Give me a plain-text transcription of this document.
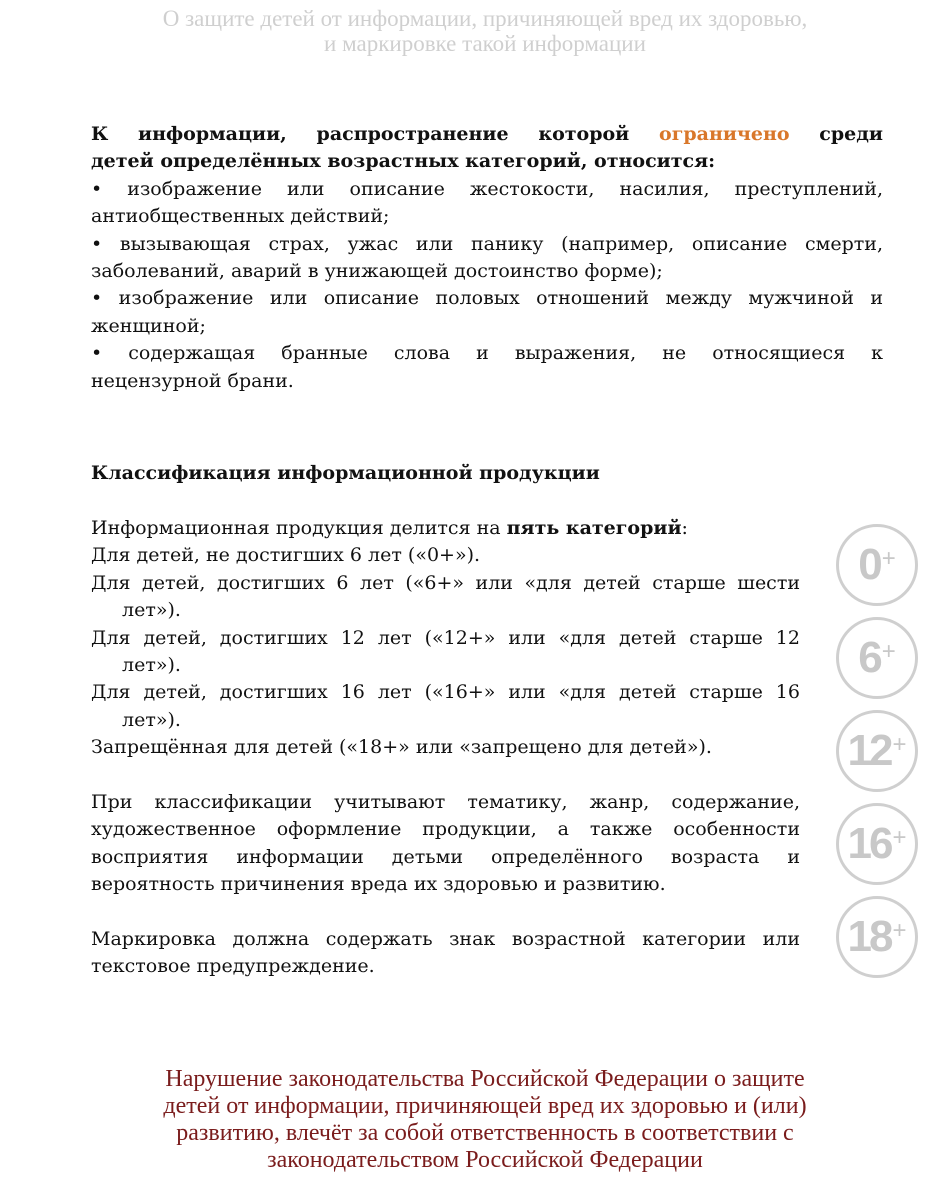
О защите детей от информации, причиняющей вред их здоровью,
и маркировке такой информации
К информации, распространение которой ограничено среди
детей определённых возрастных категорий, относится:
• изображение или описание жестокости, насилия, преступлений,
антиобщественных действий;
• вызывающая страх, ужас или панику (например, описание смерти,
заболеваний, аварий в унижающей достоинство форме);
• изображение или описание половых отношений между мужчиной и
женщиной;
• содержащая бранные слова и выражения, не относящиеся к
нецензурной брани.
Классификация информационной продукции
Информационная продукция делится на пять категорий:
Для детей, не достигших 6 лет («0+»).
Для детей, достигших 6 лет («6+» или «для детей старше шести
лет»).
Для детей, достигших 12 лет («12+» или «для детей старше 12
лет»).
Для детей, достигших 16 лет («16+» или «для детей старше 16
лет»).
Запрещённая для детей («18+» или «запрещено для детей»).
При классификации учитывают тематику, жанр, содержание,
художественное оформление продукции, а также особенности
восприятия информации детьми определённого возраста и
вероятность причинения вреда их здоровью и развитию.
Маркировка должна содержать знак возрастной категории или
текстовое предупреждение.
0 +
6 +
12 +
16 +
18 +
Нарушение законодательства Российской Федерации о защите
детей от информации, причиняющей вред их здоровью и (или)
развитию, влечёт за собой ответственность в соответствии с
законодательством Российской Федерации
